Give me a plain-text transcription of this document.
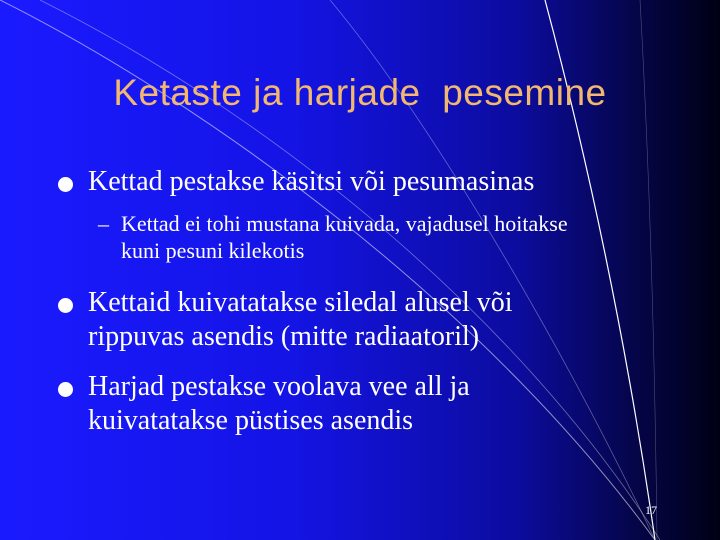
Ketaste ja harjade  pesemine
Kettad pestakse käsitsi või pesumasinas
– Kettad ei tohi mustana kuivada, vajadusel hoitakse kuni pesuni kilekotis
Kettaid kuivatatakse siledal alusel või rippuvas asendis (mitte radiaatoril)
Harjad pestakse voolava vee all ja kuivatatakse püstises asendis
17
